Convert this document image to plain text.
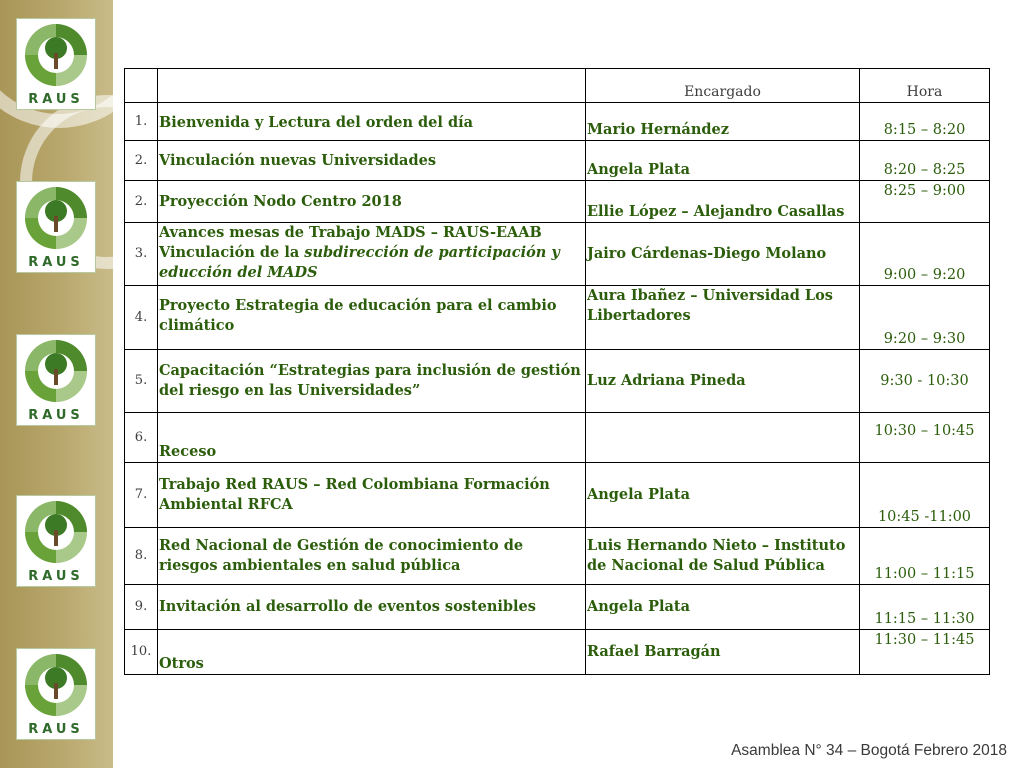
RAUS
RAUS
RAUS
RAUS
RAUS
		Encargado	Hora
1.	Bienvenida y Lectura del orden del día	Mario Hernández	8:15 – 8:20
2.	Vinculación nuevas Universidades	Angela Plata	8:20 – 8:25
2.	Proyección Nodo Centro 2018	Ellie López – Alejandro Casallas	8:25 – 9:00
3.	Avances mesas de Trabajo MADS – RAUS-EAAB
Vinculación de la subdirección de participación y educción del MADS	Jairo Cárdenas-Diego Molano	9:00 – 9:20
4.	Proyecto Estrategia de educación para el cambio climático	Aura Ibañez – Universidad Los Libertadores	9:20 – 9:30
5.	Capacitación “Estrategias para inclusión de gestión del riesgo en las Universidades”	Luz Adriana Pineda	9:30 - 10:30
6.	Receso		10:30 – 10:45
7.	Trabajo Red RAUS – Red Colombiana Formación Ambiental RFCA	Angela Plata	10:45 -11:00
8.	Red Nacional de Gestión de conocimiento de riesgos ambientales en salud pública	Luis Hernando Nieto – Instituto de Nacional de Salud Pública	11:00 – 11:15
9.	Invitación al desarrollo de eventos sostenibles	Angela Plata	11:15 – 11:30
10.	Otros	Rafael Barragán	11:30 – 11:45
Asamblea N° 34 – Bogotá Febrero 2018
